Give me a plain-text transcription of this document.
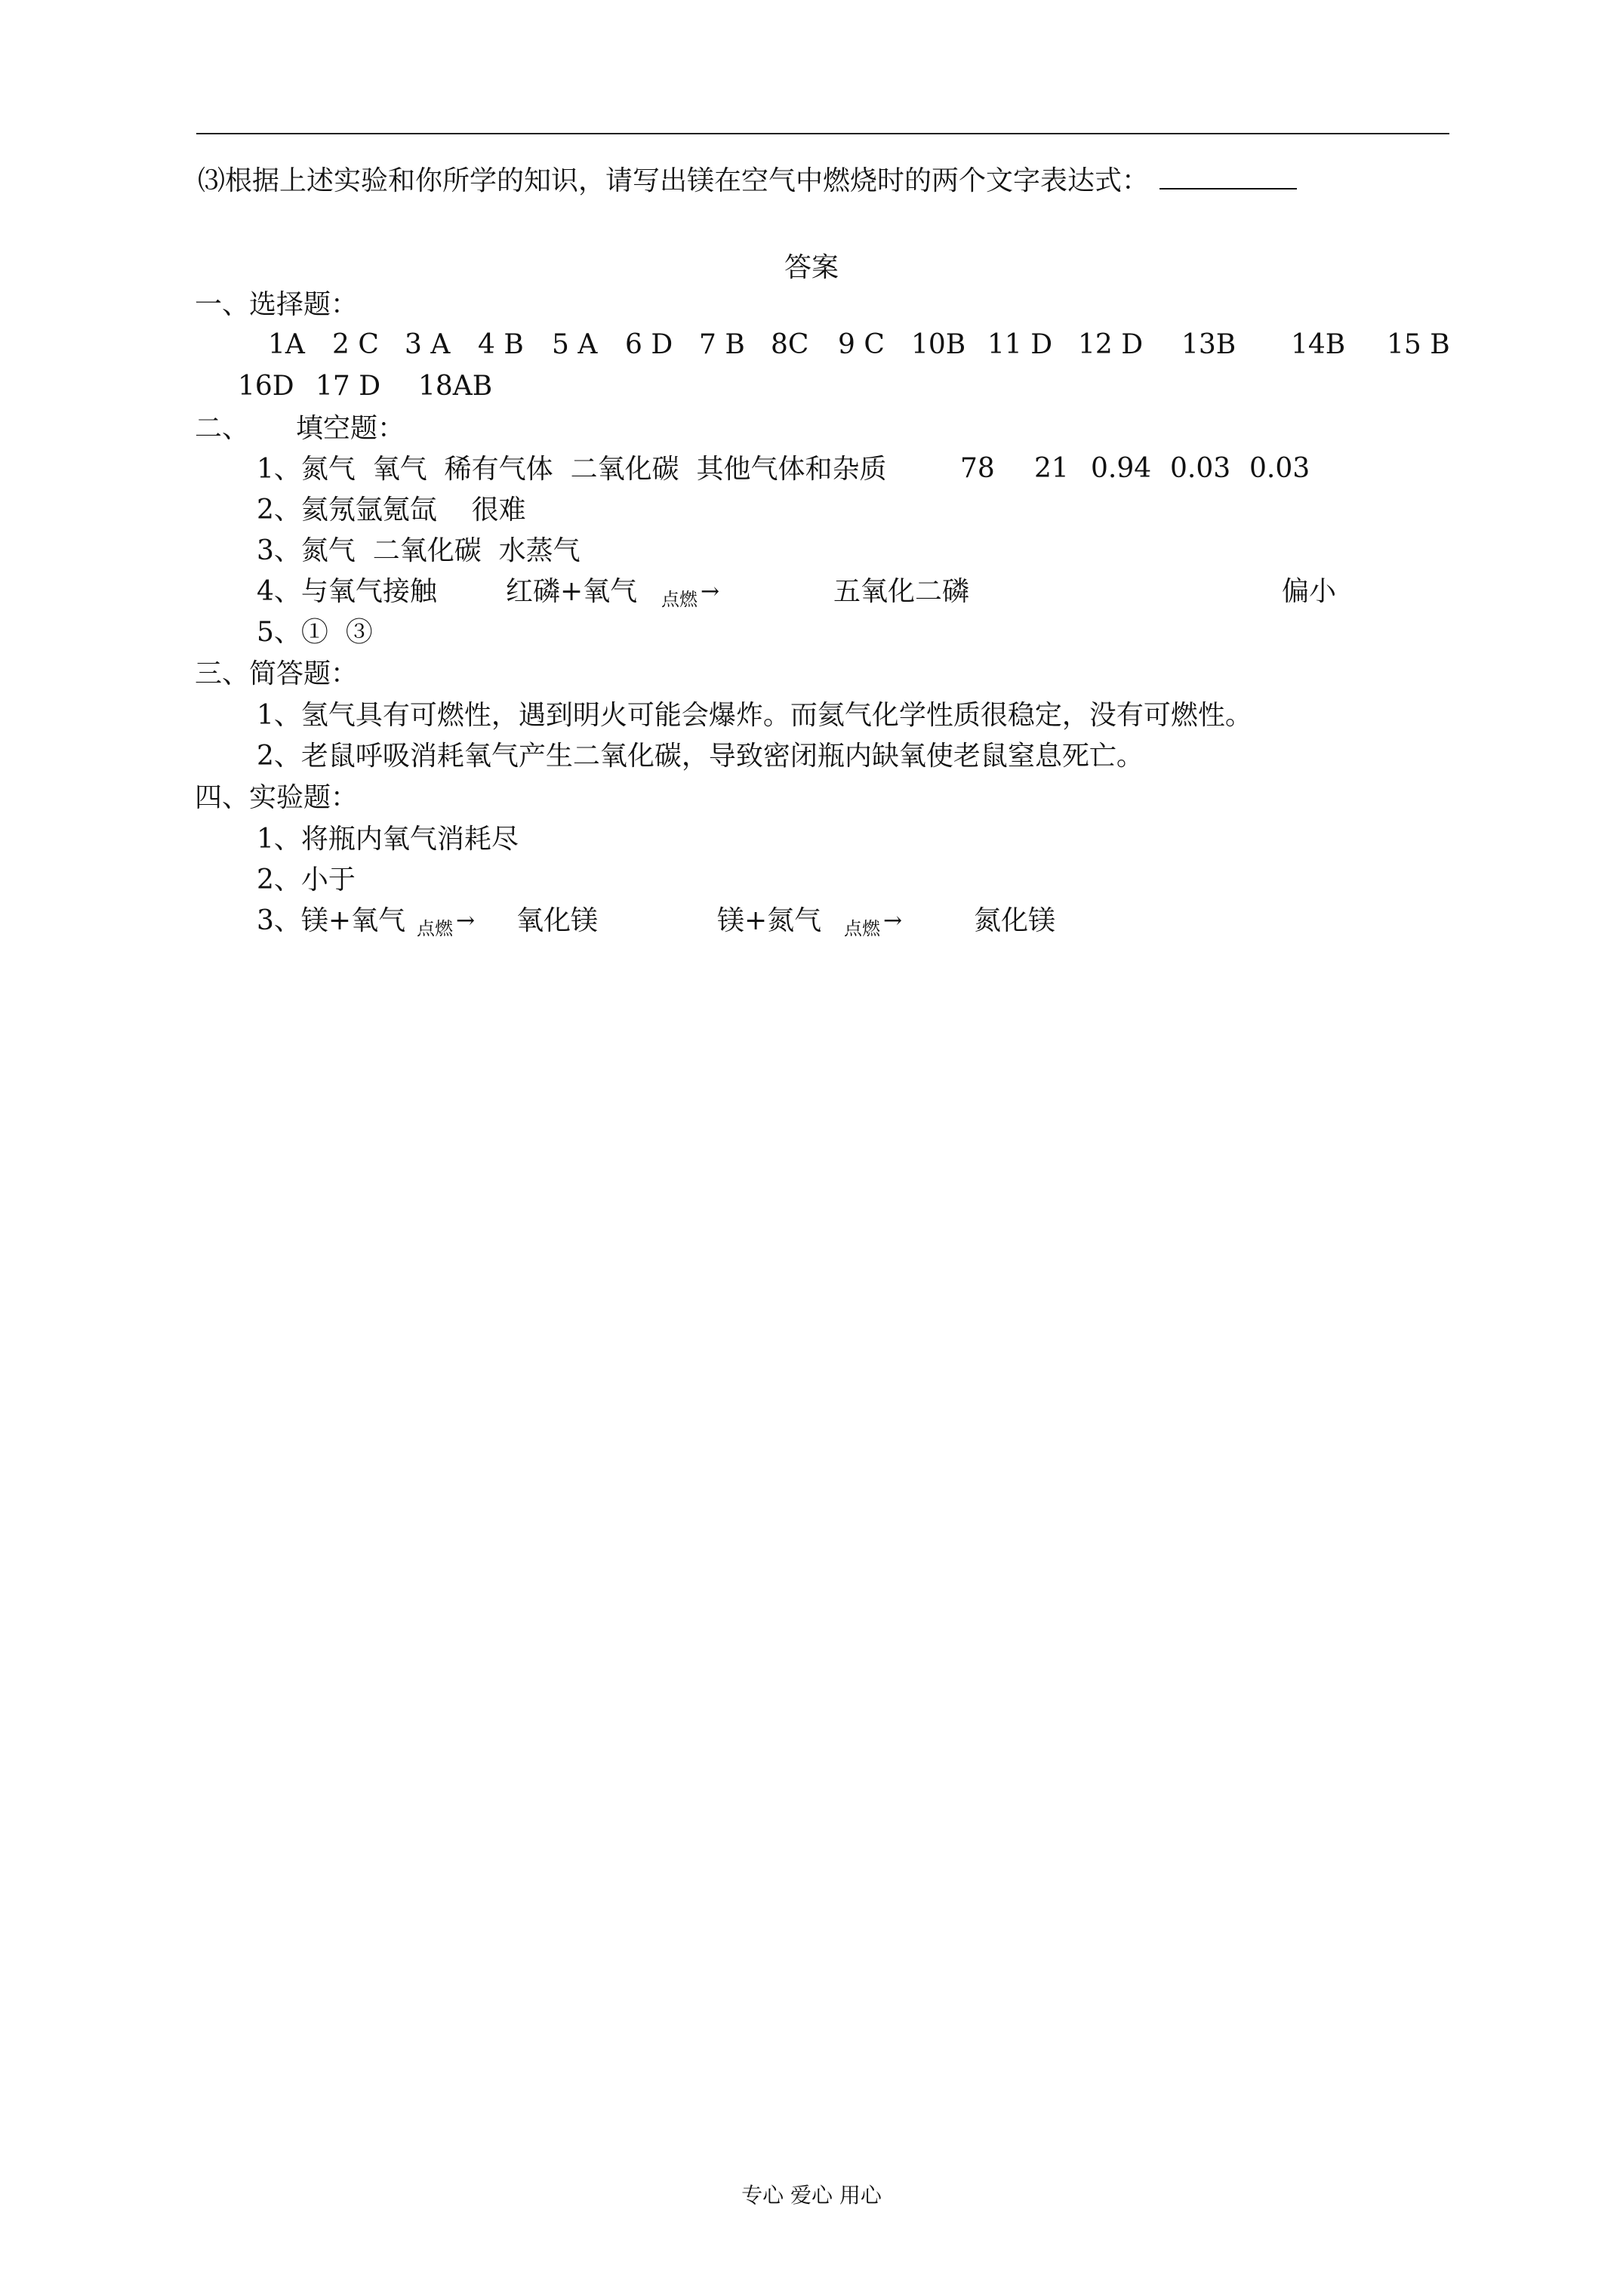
⑶根据上述实验和你所学的知识，请写出镁在空气中燃烧时的两个文字表达式：
答案
一、选择题：
1A 2 C 3 A 4 B 5 A 6 D 7 B 8C 9 C 10B 11 D 12 D 13B 14B 15 B
16D 17 D 18AB
二、 填空题：
1、氮气  氧气  稀有气体  二氧化碳  其他气体和杂质	78 21 0.94 0.03 0.03
2、氦氖氩氪氙    很难
3、氮气  二氧化碳  水蒸气
4、与氧气接触	红磷+氧气 点燃 →	五氧化二磷	偏小
5、①  ③
三、简答题：
1、氢气具有可燃性，遇到明火可能会爆炸。而氦气化学性质很稳定，没有可燃性。
2、老鼠呼吸消耗氧气产生二氧化碳，导致密闭瓶内缺氧使老鼠窒息死亡。
四、实验题：
1、将瓶内氧气消耗尽
2、小于
3、镁+氧气 点燃 → 氧化镁	镁+氮气 点燃 →	氮化镁
专心 爱心 用心
